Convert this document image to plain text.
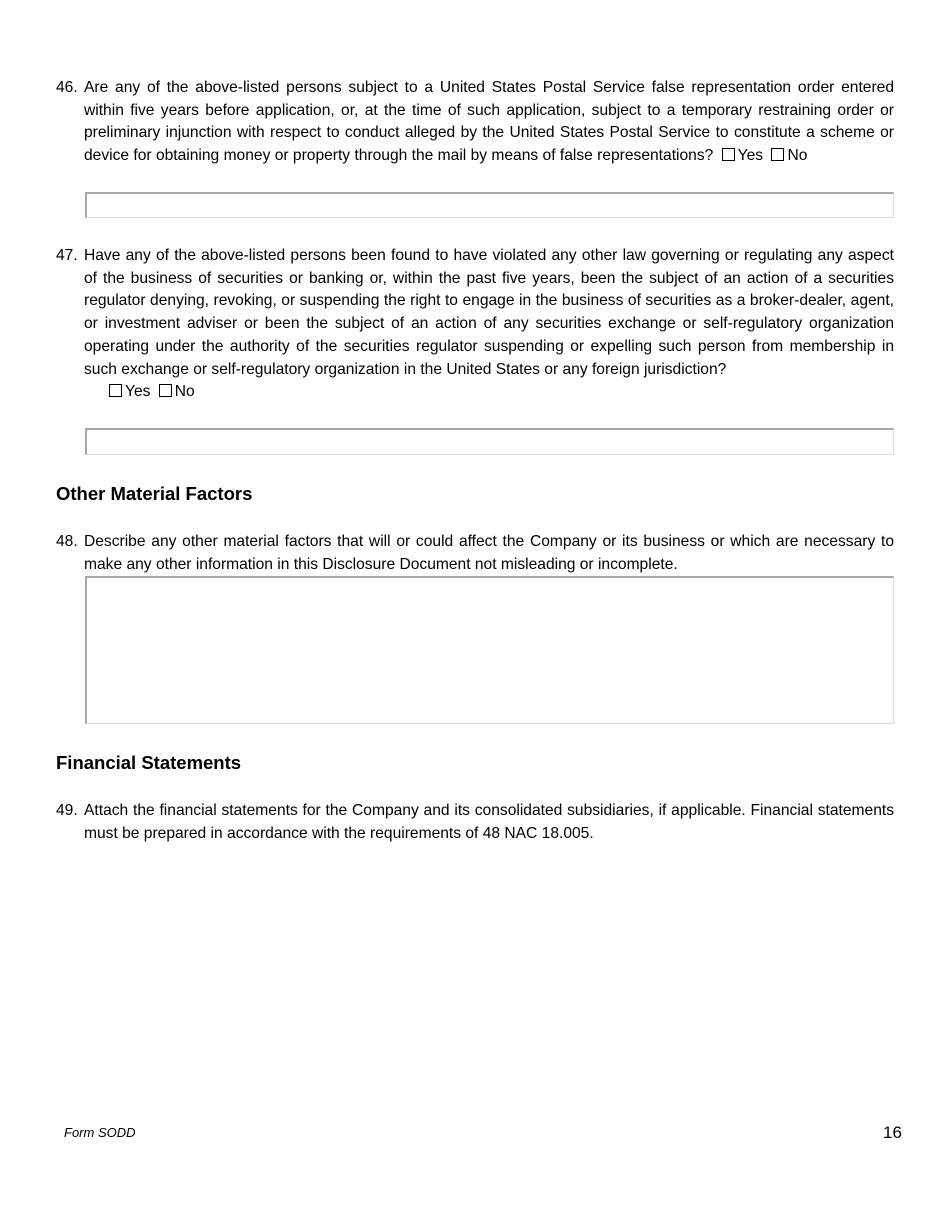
46. Are any of the above-listed persons subject to a United States Postal Service false representation order entered within five years before application, or, at the time of such application, subject to a temporary restraining order or preliminary injunction with respect to conduct alleged by the United States Postal Service to constitute a scheme or device for obtaining money or property through the mail by means of false representations? Yes No
47. Have any of the above-listed persons been found to have violated any other law governing or regulating any aspect of the business of securities or banking or, within the past five years, been the subject of an action of a securities regulator denying, revoking, or suspending the right to engage in the business of securities as a broker-dealer, agent, or investment adviser or been the subject of an action of any securities exchange or self-regulatory organization operating under the authority of the securities regulator suspending or expelling such person from membership in such exchange or self-regulatory organization in the United States or any foreign jurisdiction?
Yes No
Other Material Factors
48. Describe any other material factors that will or could affect the Company or its business or which are necessary to make any other information in this Disclosure Document not misleading or incomplete.
Financial Statements
49. Attach the financial statements for the Company and its consolidated subsidiaries, if applicable. Financial statements must be prepared in accordance with the requirements of 48 NAC 18.005.
Form SODD	16
